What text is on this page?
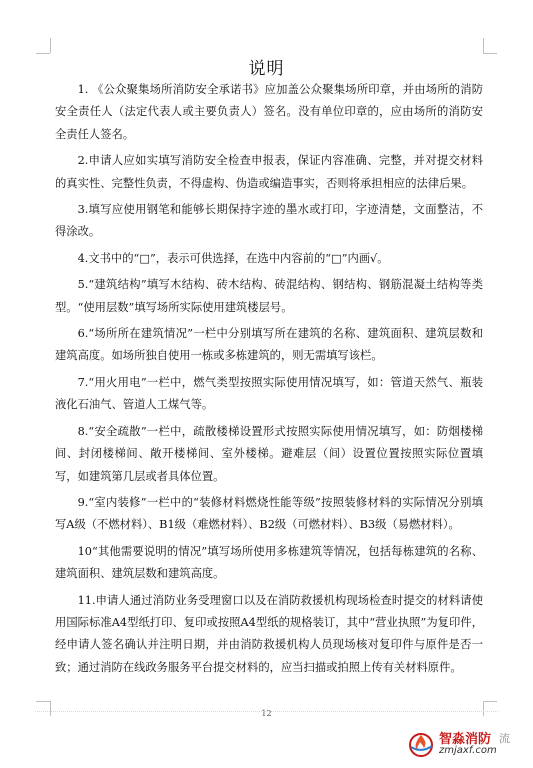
说明

1. 《公众聚集场所消防安全承诺书》应加盖公众聚集场所印章，并由场所的消防安全责任人（法定代表人或主要负责人）签名。没有单位印章的，应由场所的消防安全责任人签名。

2.申请人应如实填写消防安全检查申报表，保证内容准确、完整，并对提交材料的真实性、完整性负责，不得虚构、伪造或编造事实，否则将承担相应的法律后果。

3.填写应使用钢笔和能够长期保持字迹的墨水或打印，字迹清楚，文面整洁，不得涂改。

4.文书中的“□”，表示可供选择，在选中内容前的“□”内画√。

5.“建筑结构”填写木结构、砖木结构、砖混结构、钢结构、钢筋混凝土结构等类型。“使用层数”填写场所实际使用建筑楼层号。

6.“场所所在建筑情况”一栏中分别填写所在建筑的名称、建筑面积、建筑层数和建筑高度。如场所独自使用一栋或多栋建筑的，则无需填写该栏。

7.“用火用电”一栏中，燃气类型按照实际使用情况填写，如：管道天然气、瓶装液化石油气、管道人工煤气等。

8.“安全疏散”一栏中，疏散楼梯设置形式按照实际使用情况填写，如：防烟楼梯间、封闭楼梯间、敞开楼梯间、室外楼梯。避难层（间）设置位置按照实际位置填写，如建筑第几层或者具体位置。

9.“室内装修”一栏中的“装修材料燃烧性能等级”按照装修材料的实际情况分别填写A级（不燃材料）、B1级（难燃材料）、B2级（可燃材料）、B3级（易燃材料）。

10“其他需要说明的情况”填写场所使用多栋建筑等情况，包括每栋建筑的名称、建筑面积、建筑层数和建筑高度。

11.申请人通过消防业务受理窗口以及在消防救援机构现场检查时提交的材料请使用国际标准A4型纸打印、复印或按照A4型纸的规格装订，其中“营业执照”为复印件，经申请人签名确认并注明日期，并由消防救援机构人员现场核对复印件与原件是否一致；通过消防在线政务服务平台提交材料的，应当扫描或拍照上传有关材料原件。

12
智淼消防 流
zmjaxf.com
